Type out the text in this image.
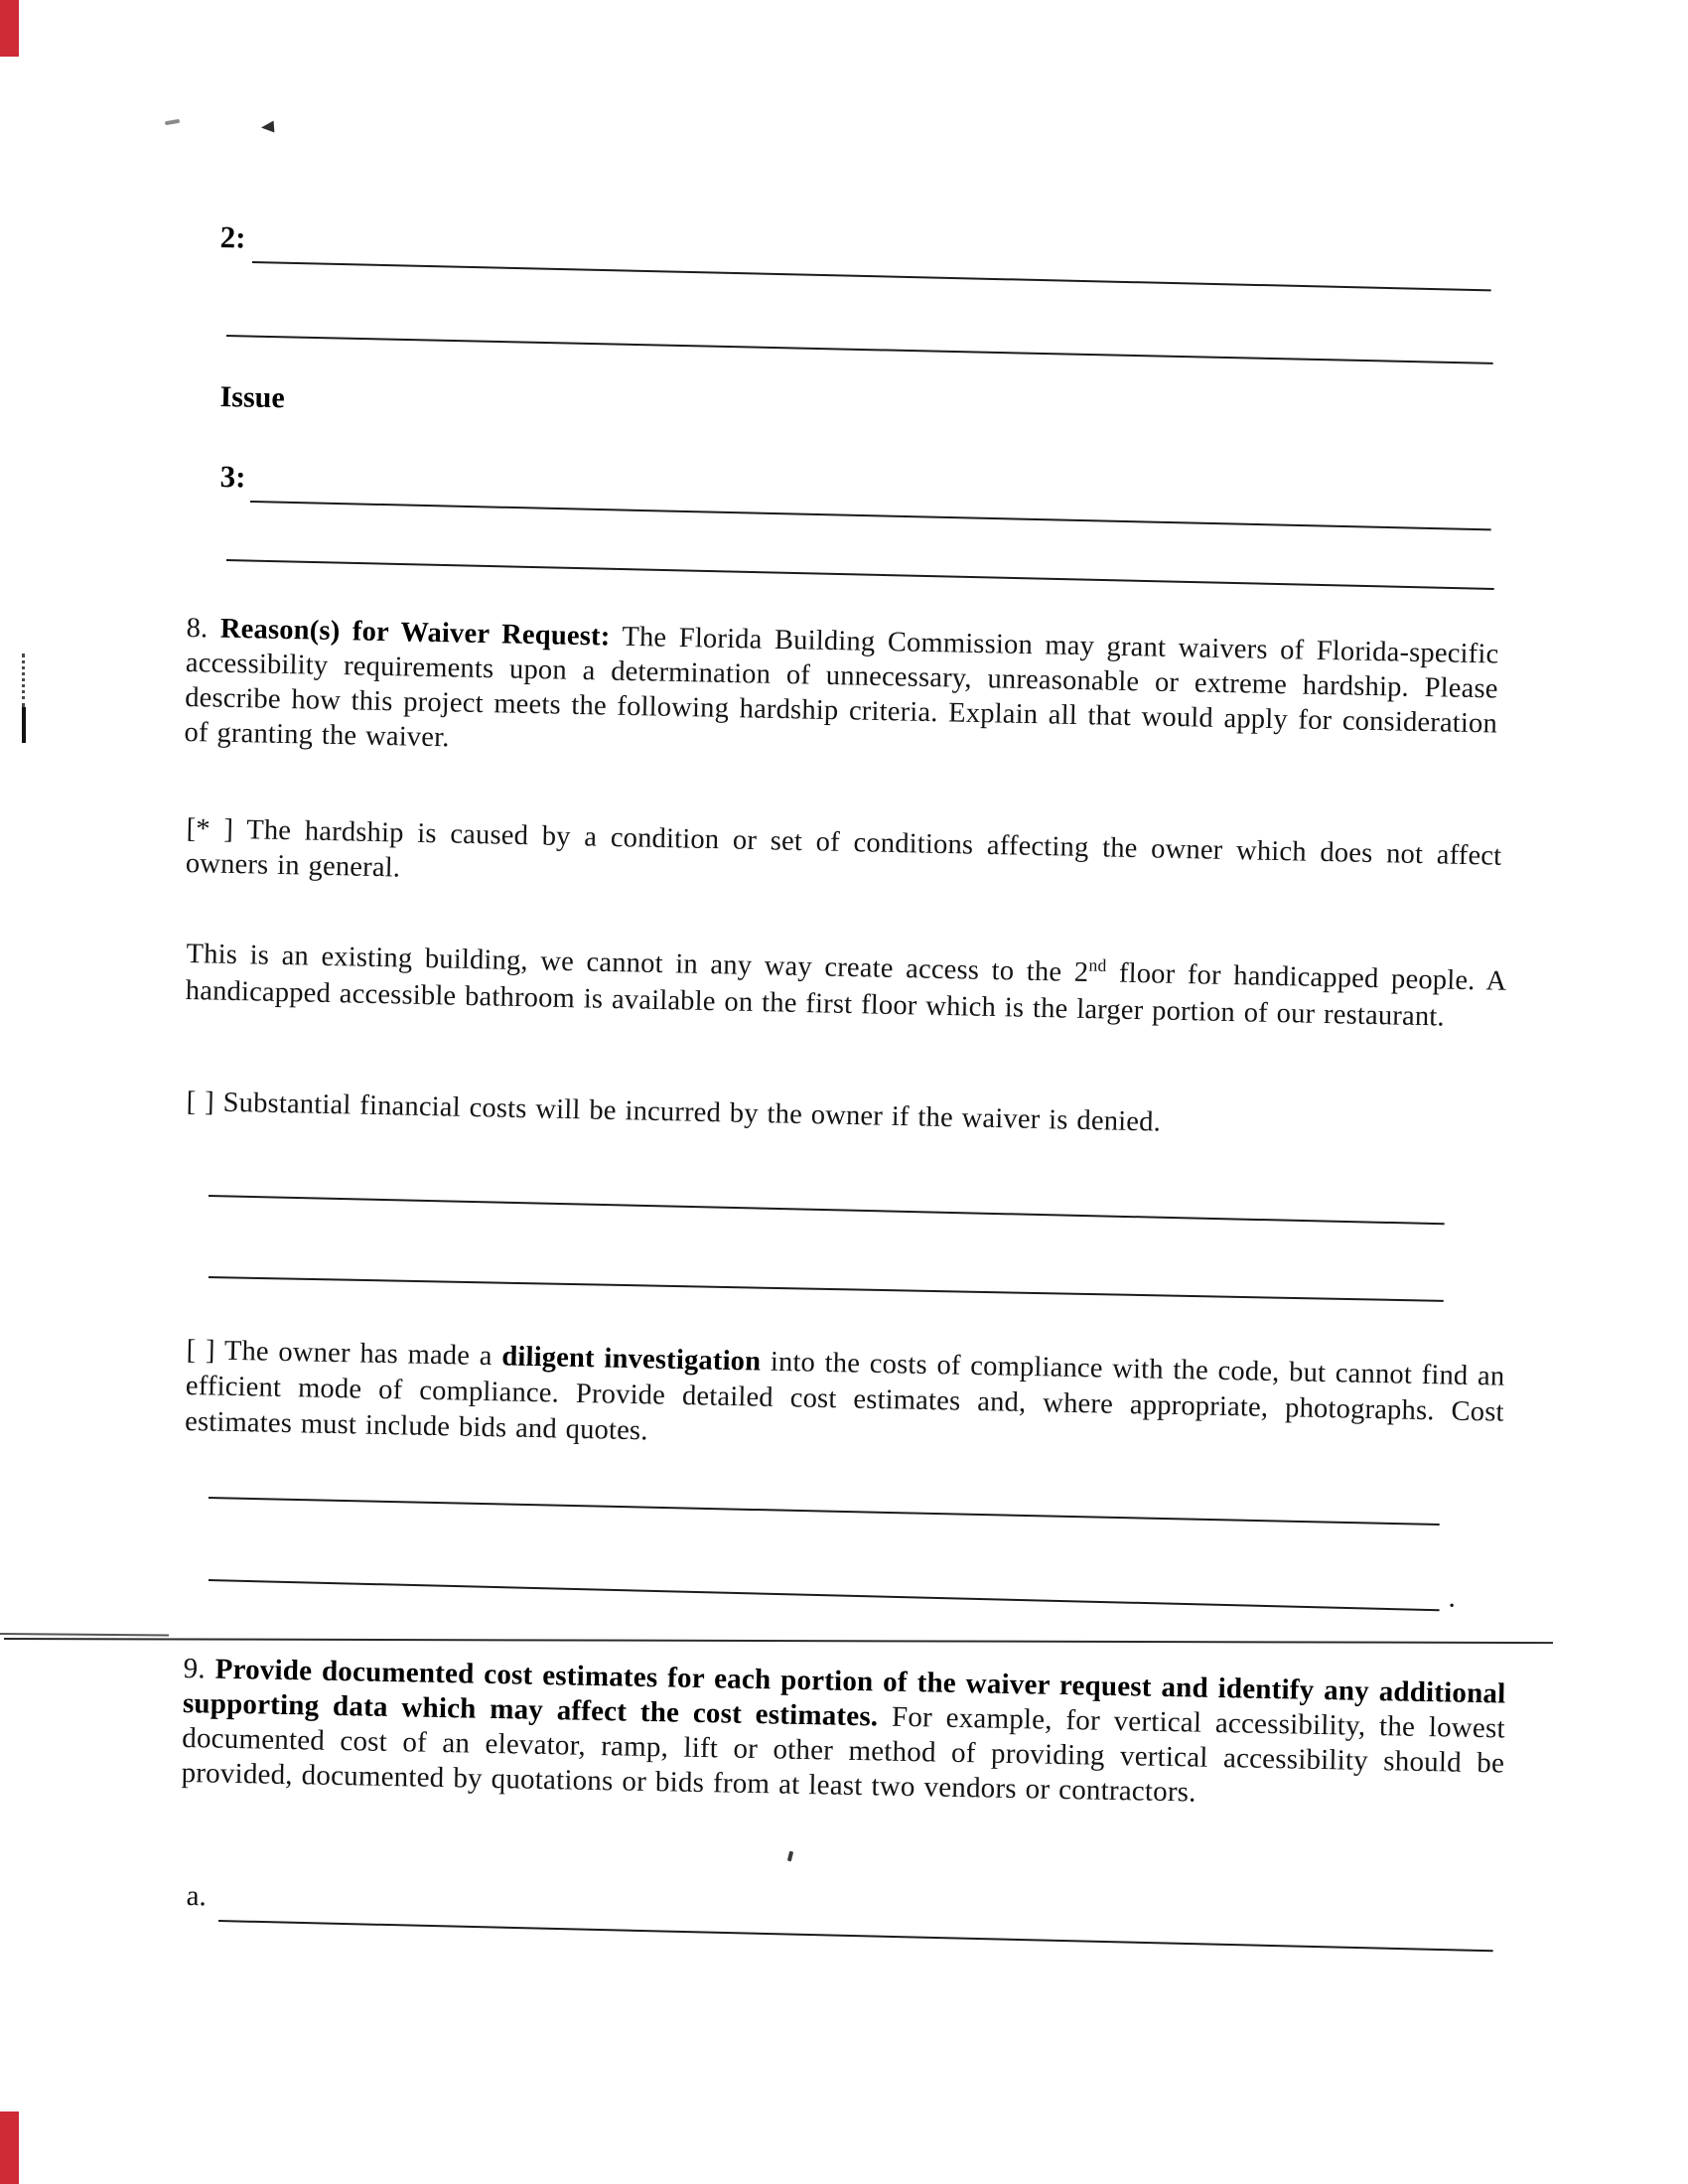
2:
Issue
3:
8. Reason(s) for Waiver Request: The Florida Building Commission may grant waivers of Florida-specific accessibility requirements upon a determination of unnecessary, unreasonable or extreme hardship. Please describe how this project meets the following hardship criteria. Explain all that would apply for consideration of granting the waiver.
[* ] The hardship is caused by a condition or set of conditions affecting the owner which does not affect owners in general.
This is an existing building, we cannot in any way create access to the 2nd floor for handicapped people. A handicapped accessible bathroom is available on the first floor which is the larger portion of our restaurant.
[ ] Substantial financial costs will be incurred by the owner if the waiver is denied.
[ ] The owner has made a diligent investigation into the costs of compliance with the code, but cannot find an efficient mode of compliance. Provide detailed cost estimates and, where appropriate, photographs. Cost estimates must include bids and quotes.
.
9. Provide documented cost estimates for each portion of the waiver request and identify any additional supporting data which may affect the cost estimates. For example, for vertical accessibility, the lowest documented cost of an elevator, ramp, lift or other method of providing vertical accessibility should be provided, documented by quotations or bids from at least two vendors or contractors.
a.
